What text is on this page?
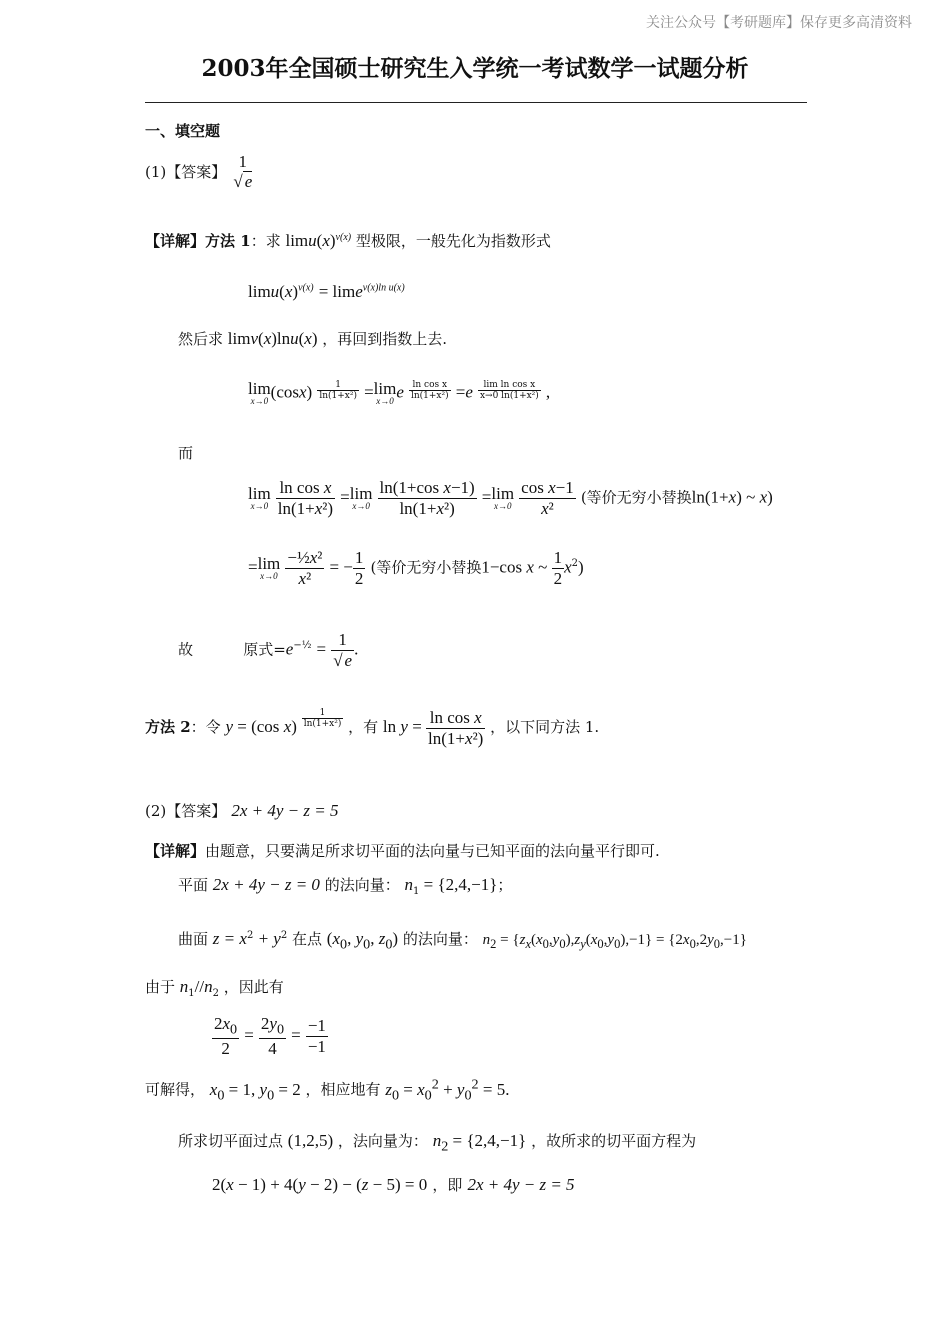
关注公众号【考研题库】保存更多高清资料
2003年全国硕士研究生入学统一考试数学一试题分析
一、填空题
(1)【答案】
1
√ e
【详解】方法 1：求 $\lim u(x)^{v(x)}$ 型极限，一般先化为指数形式
$\lim u(x)^{v(x)} = \lim e^{v(x)ln u(x)}$
然后求 limv(x)lnu(x) ，再回到指数上去.
lim
x→0 $(\cos x) \frac{1}{\text{ln(1+x²)}} =\lim$
x→0 e $\frac{\text{ln cos x}}{\text{ln(1+x²)}} =e \frac{\text{lim ln cos x}}{\text{x→0 ln(1+x²)}}$ ,
而
lim
x→0
$\frac{\text{ln cos x}}{\text{ln(1+x²)}} =\lim$
x→0
$\frac{\text{ln(1+cos x−1)}}{\text{ln(1+x²)}} =\lim$
x→0
$\frac{\text{cos x−1}}{\text{x²}}$ (等价无穷小替换ln(1+x) ~ x)
=lim
x→0
$\frac{\text{−½x²}}{\text{x²}}$ = − $\frac{1}{2}$ (等价无穷小替换1−cos x ~ $\frac{1}{2} x^2$)
故	原式$=e^{-\frac{1}{2}} = \frac{1}{√ e}$ .
方法 2：令 y = (cos $x) \frac{1}{\text{ln(1+x²)}}$ ，有 $\ln y = \frac{\text{ln cos x}}{\text{ln(1+x²)}}$ ，以下同方法 1.
(2)【答案】 2x + 4y − z = 5
【详解】由题意，只要满足所求切平面的法向量与已知平面的法向量平行即可.
平面 2x + 4y − z = 0 的法向量： $n_1 = \{2,4,-1\}$；
曲面 $z = x^2 + y^2$ 在点 ($x_0$, $y_0$, $z_0$) 的法向量： $n_2 = \{z_x(x_0,y_0),z_y(x_0,y_0),-1\} = \{2x_0,2y_0,-1\}$
由于 $n_1//n_2$ ，因此有
$\frac{2x_0}{2} = \frac{2y_0}{4} = \frac{-1}{-1}$
可解得， $x_0 = 1$, $y_0 = 2$ ，相应地有 $z_0 = x_0^2 + y_0^2 = 5$.
所求切平面过点 (1,2,5) ，法向量为： $n_2 = \{2,4,-1\}$ ，故所求的切平面方程为
2(x − 1) + 4(y − 2) − (z − 5) = 0 ，即 2x + 4y − z = 5
